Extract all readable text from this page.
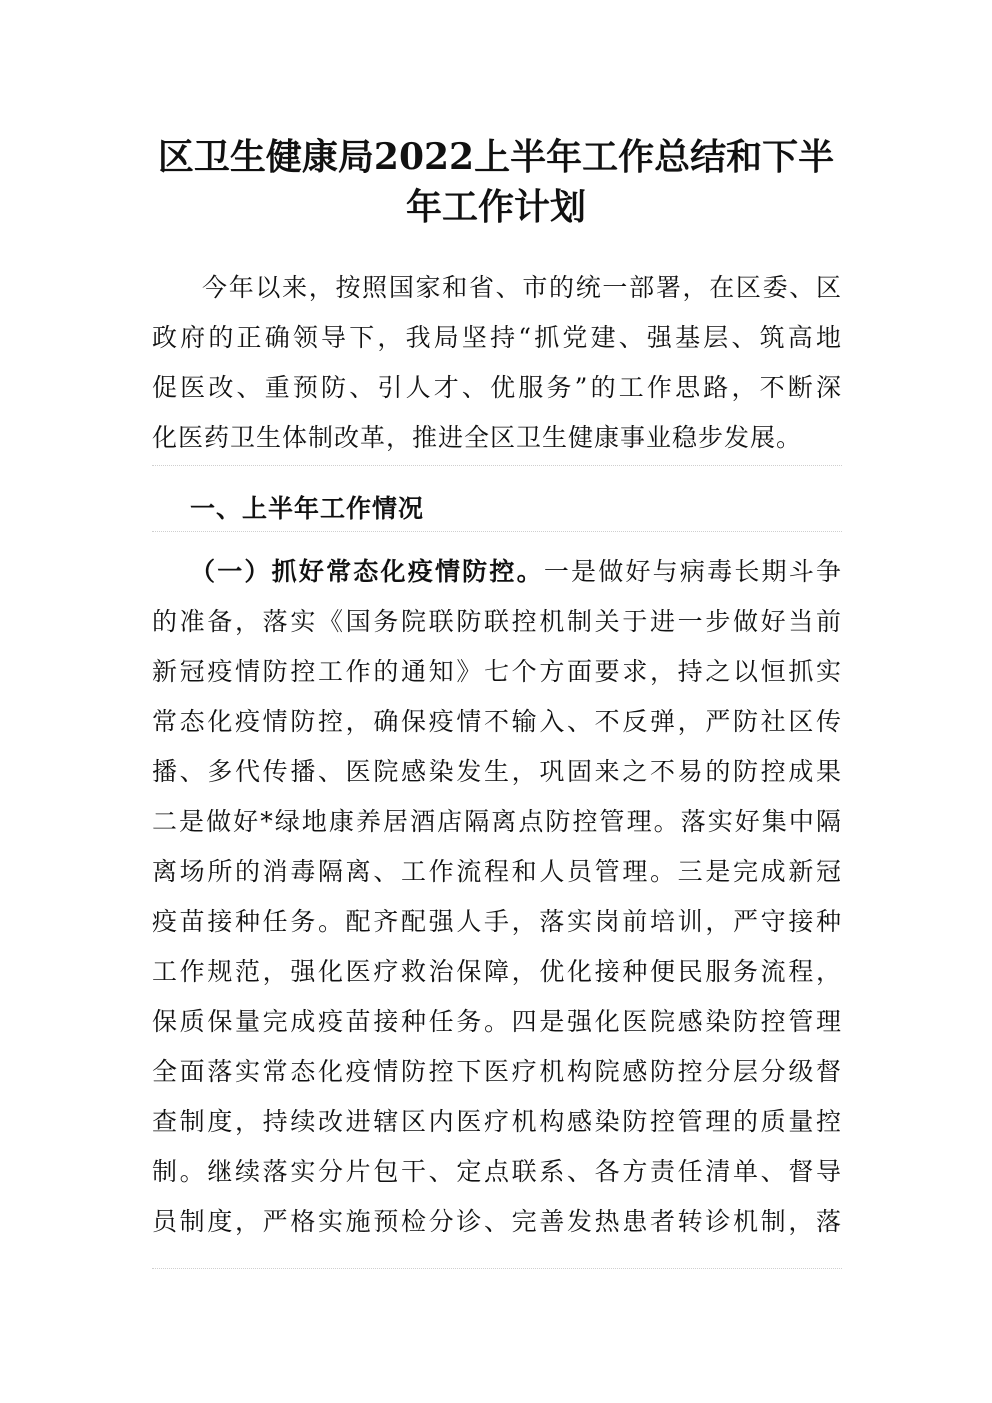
区卫生健康局2022上半年工作总结和下半
年工作计划
今年以来，按照国家和省、市的统一部署，在区委、区
政府的正确领导下，我局坚持“抓党建、强基层、筑高地
促医改、重预防、引人才、优服务”的工作思路，不断深
化医药卫生体制改革，推进全区卫生健康事业稳步发展。
一、上半年工作情况
（一）抓好常态化疫情防控。一是做好与病毒长期斗争
的准备，落实《国务院联防联控机制关于进一步做好当前
新冠疫情防控工作的通知》七个方面要求，持之以恒抓实
常态化疫情防控，确保疫情不输入、不反弹，严防社区传
播、多代传播、医院感染发生，巩固来之不易的防控成果
二是做好*绿地康养居酒店隔离点防控管理。落实好集中隔
离场所的消毒隔离、工作流程和人员管理。三是完成新冠
疫苗接种任务。配齐配强人手，落实岗前培训，严守接种
工作规范，强化医疗救治保障，优化接种便民服务流程，
保质保量完成疫苗接种任务。四是强化医院感染防控管理
全面落实常态化疫情防控下医疗机构院感防控分层分级督
查制度，持续改进辖区内医疗机构感染防控管理的质量控
制。继续落实分片包干、定点联系、各方责任清单、督导
员制度，严格实施预检分诊、完善发热患者转诊机制，落
